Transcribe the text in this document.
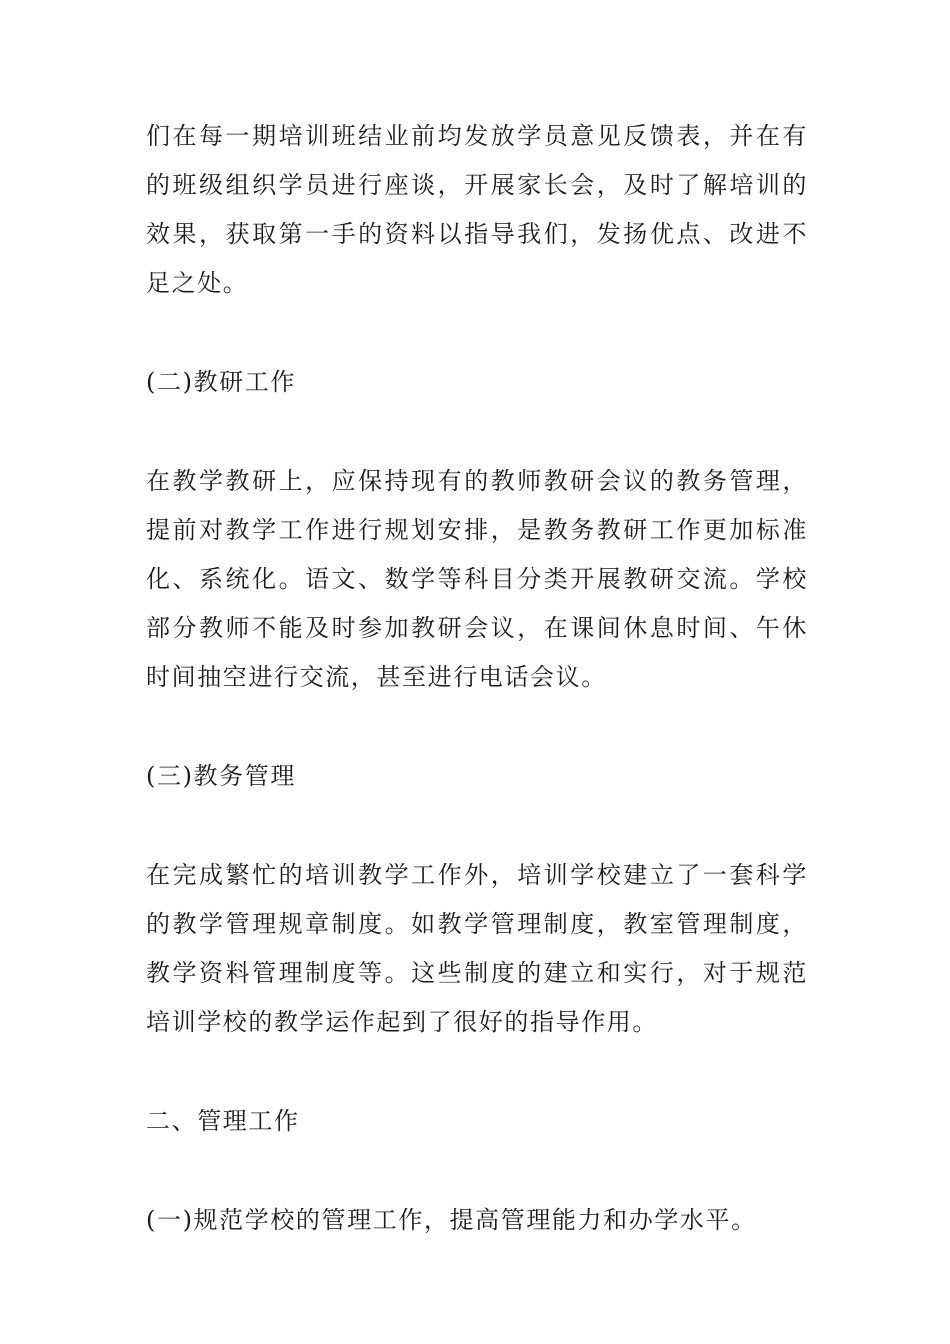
们在每一期培训班结业前均发放学员意见反馈表，并在有的班级组织学员进行座谈，开展家长会，及时了解培训的效果，获取第一手的资料以指导我们，发扬优点、改进不足之处。

(二)教研工作

在教学教研上，应保持现有的教师教研会议的教务管理，提前对教学工作进行规划安排，是教务教研工作更加标准化、系统化。语文、数学等科目分类开展教研交流。学校部分教师不能及时参加教研会议，在课间休息时间、午休时间抽空进行交流，甚至进行电话会议。

(三)教务管理

在完成繁忙的培训教学工作外，培训学校建立了一套科学的教学管理规章制度。如教学管理制度，教室管理制度，教学资料管理制度等。这些制度的建立和实行，对于规范培训学校的教学运作起到了很好的指导作用。

二、管理工作

(一)规范学校的管理工作，提高管理能力和办学水平。
